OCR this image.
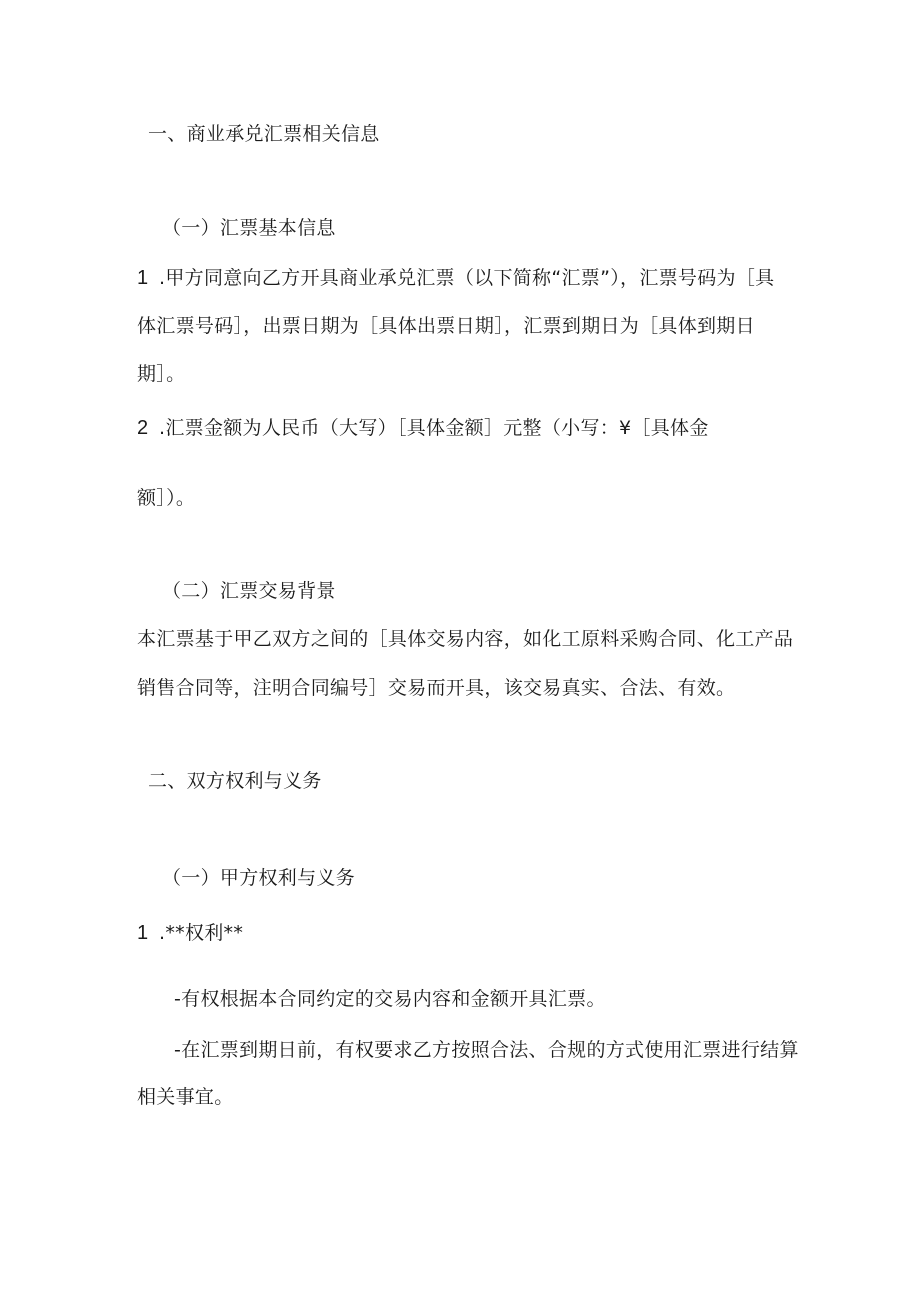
一、商业承兑汇票相关信息
（一）汇票基本信息
1 .甲方同意向乙方开具商业承兑汇票（以下简称“汇票”），汇票号码为［具
体汇票号码］，出票日期为［具体出票日期］，汇票到期日为［具体到期日
期］。
2 .汇票金额为人民币（大写）［具体金额］元整（小写：¥［具体金
额］）。
（二）汇票交易背景
本汇票基于甲乙双方之间的［具体交易内容，如化工原料采购合同、化工产品
销售合同等，注明合同编号］交易而开具，该交易真实、合法、有效。
二、双方权利与义务
（一）甲方权利与义务
1 .**权利**
-有权根据本合同约定的交易内容和金额开具汇票。
-在汇票到期日前，有权要求乙方按照合法、合规的方式使用汇票进行结算
相关事宜。
